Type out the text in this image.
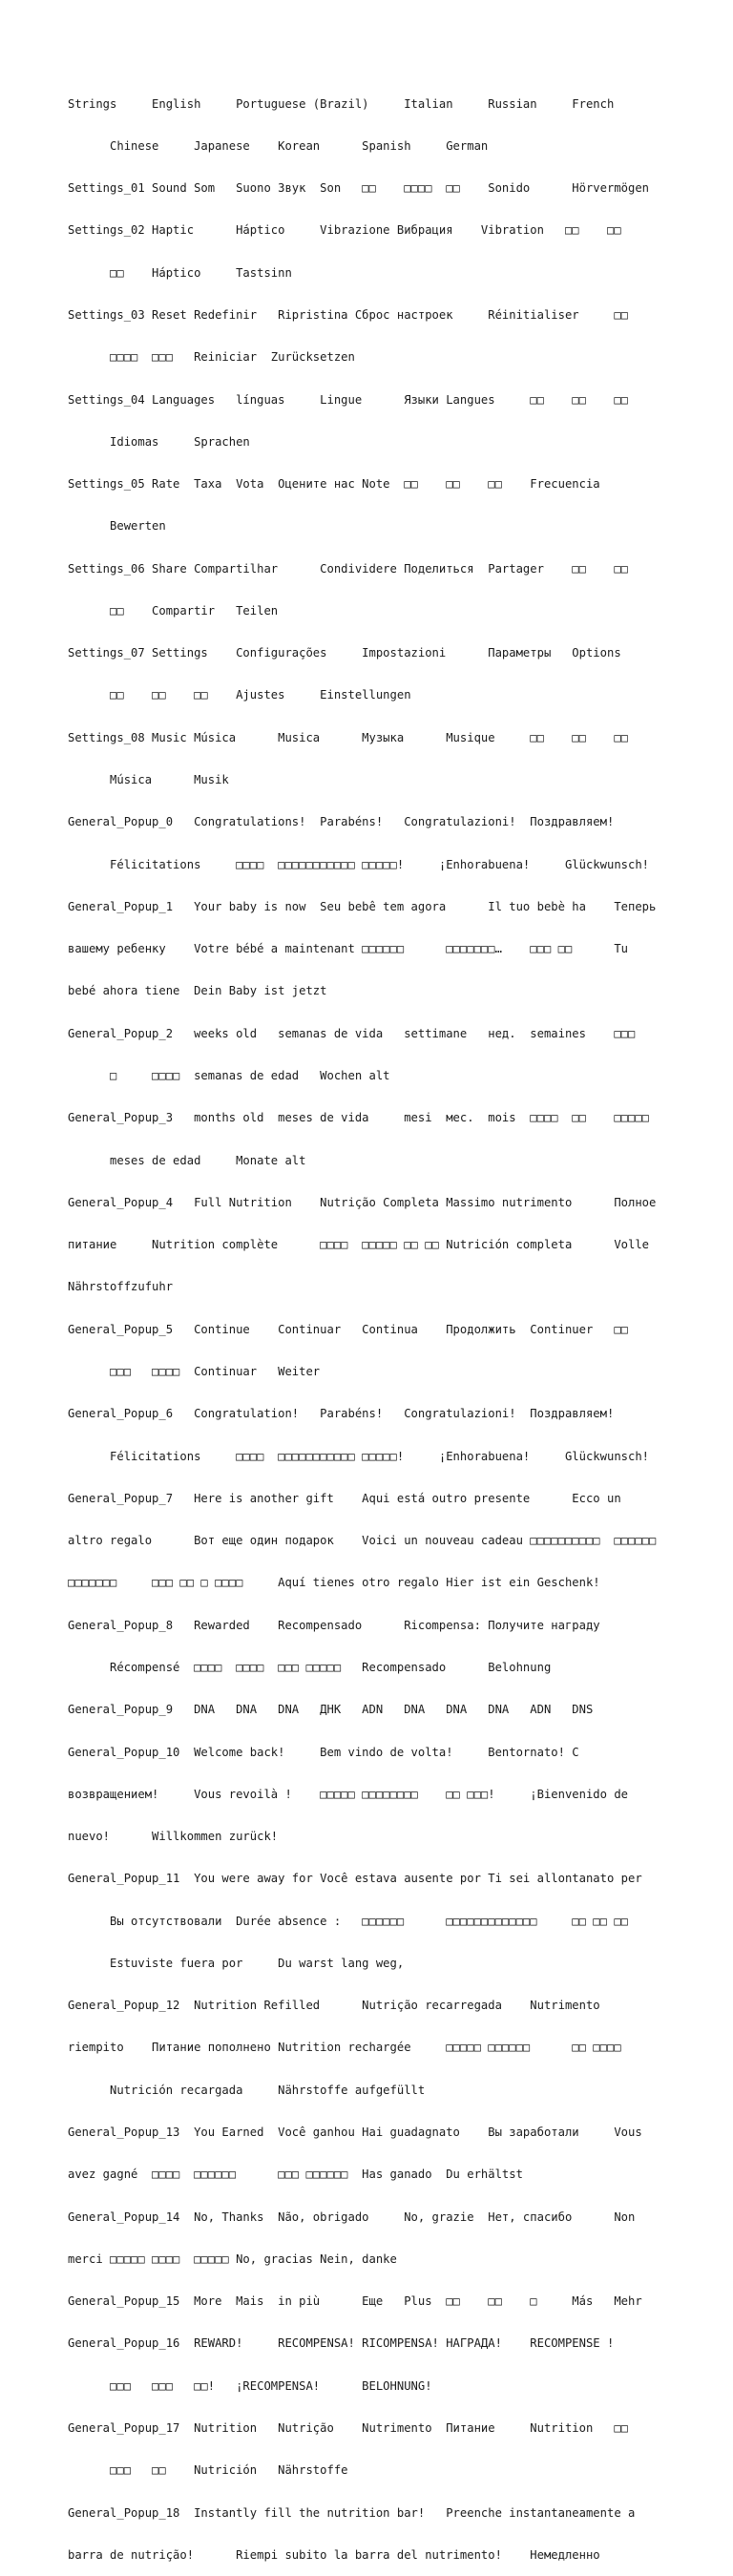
Strings     English     Portuguese (Brazil)     Italian     Russian     French

Chinese     Japanese    Korean      Spanish     German

Settings_01 Sound Som   Suono Звук  Son   □□    □□□□  □□    Sonido      Hörvermögen

Settings_02 Haptic      Háptico     Vibrazione Вибрация    Vibration   □□    □□

□□    Háptico     Tastsinn

Settings_03 Reset Redefinir   Ripristina Сброс настроек     Réinitialiser     □□

□□□□  □□□   Reiniciar  Zurücksetzen

Settings_04 Languages   línguas     Lingue      Языки Langues     □□    □□    □□

Idiomas     Sprachen

Settings_05 Rate  Taxa  Vota  Оцените нас Note  □□    □□    □□    Frecuencia

Bewerten

Settings_06 Share Compartilhar      Condividere Поделиться  Partager    □□    □□

□□    Compartir   Teilen

Settings_07 Settings    Configurações     Impostazioni      Параметры   Options

□□    □□    □□    Ajustes     Einstellungen

Settings_08 Music Música      Musica      Музыка      Musique     □□    □□    □□

Música      Musik

General_Popup_0   Congratulations!  Parabéns!   Congratulazioni!  Поздравляем!

Félicitations     □□□□  □□□□□□□□□□□ □□□□□!     ¡Enhorabuena!     Glückwunsch!

General_Popup_1   Your baby is now  Seu bebê tem agora      Il tuo bebè ha    Теперь

вашему ребенку    Votre bébé a maintenant □□□□□□      □□□□□□□…    □□□ □□      Tu

bebé ahora tiene  Dein Baby ist jetzt

General_Popup_2   weeks old   semanas de vida   settimane   нед.  semaines    □□□

□     □□□□  semanas de edad   Wochen alt

General_Popup_3   months old  meses de vida     mesi  мес.  mois  □□□□  □□    □□□□□

meses de edad     Monate alt

General_Popup_4   Full Nutrition    Nutrição Completa Massimo nutrimento      Полное

питание     Nutrition complète      □□□□  □□□□□ □□ □□ Nutrición completa      Volle

Nährstoffzufuhr

General_Popup_5   Continue    Continuar   Continua    Продолжить  Continuer   □□

□□□   □□□□  Continuar   Weiter

General_Popup_6   Congratulation!   Parabéns!   Congratulazioni!  Поздравляем!

Félicitations     □□□□  □□□□□□□□□□□ □□□□□!     ¡Enhorabuena!     Glückwunsch!

General_Popup_7   Here is another gift    Aqui está outro presente      Ecco un

altro regalo      Вот еще один подарок    Voici un nouveau cadeau □□□□□□□□□□  □□□□□□

□□□□□□□     □□□ □□ □ □□□□     Aquí tienes otro regalo Hier ist ein Geschenk!

General_Popup_8   Rewarded    Recompensado      Ricompensa: Получите награду

Récompensé  □□□□  □□□□  □□□ □□□□□   Recompensado      Belohnung

General_Popup_9   DNA   DNA   DNA   ДНК   ADN   DNA   DNA   DNA   ADN   DNS

General_Popup_10  Welcome back!     Bem vindo de volta!     Bentornato! С

возвращением!     Vous revoilà !    □□□□□ □□□□□□□□    □□ □□□!     ¡Bienvenido de

nuevo!      Willkommen zurück!

General_Popup_11  You were away for Você estava ausente por Ti sei allontanato per

Вы отсутствовали  Durée absence :   □□□□□□      □□□□□□□□□□□□□     □□ □□ □□

Estuviste fuera por     Du warst lang weg,

General_Popup_12  Nutrition Refilled      Nutrição recarregada    Nutrimento

riempito    Питание пополнено Nutrition rechargée     □□□□□ □□□□□□      □□ □□□□

Nutrición recargada     Nährstoffe aufgefüllt

General_Popup_13  You Earned  Você ganhou Hai guadagnato    Вы заработали     Vous

avez gagné  □□□□  □□□□□□      □□□ □□□□□□  Has ganado  Du erhältst

General_Popup_14  No, Thanks  Não, obrigado     No, grazie  Нет, спасибо      Non

merci □□□□□ □□□□  □□□□□ No, gracias Nein, danke

General_Popup_15  More  Mais  in più      Еще   Plus  □□    □□    □     Más   Mehr

General_Popup_16  REWARD!     RECOMPENSA! RICOMPENSA! НАГРАДА!    RECOMPENSE !

□□□   □□□   □□!   ¡RECOMPENSA!      BELOHNUNG!

General_Popup_17  Nutrition   Nutrição    Nutrimento  Питание     Nutrition   □□

□□□   □□    Nutrición   Nährstoffe

General_Popup_18  Instantly fill the nutrition bar!   Preenche instantaneamente a

barra de nutrição!      Riempi subito la barra del nutrimento!    Немедленно
